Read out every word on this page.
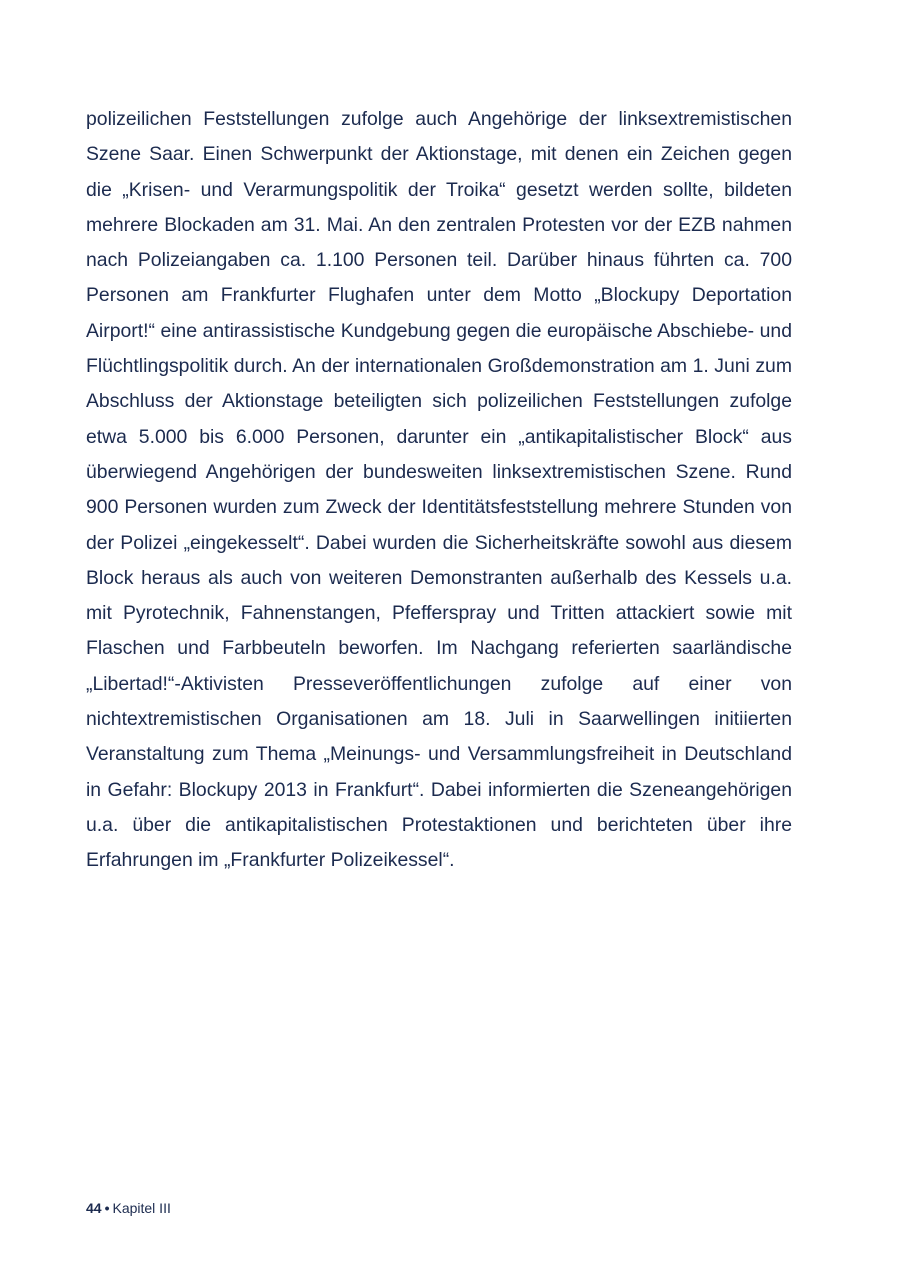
polizeilichen Feststellungen zufolge auch Angehörige der linksextremistischen Szene Saar. Einen Schwerpunkt der Aktionstage, mit denen ein Zeichen gegen die „Krisen- und Verarmungspolitik der Troika“ gesetzt werden sollte, bildeten mehrere Blockaden am 31. Mai. An den zentralen Protesten vor der EZB nahmen nach Polizeiangaben ca. 1.100 Personen teil. Darüber hinaus führten ca. 700 Personen am Frankfurter Flughafen unter dem Motto „Blockupy Deportation Airport!“ eine antirassistische Kundgebung gegen die europäische Abschiebe- und Flüchtlingspolitik durch. An der internationalen Großdemonstration am 1. Juni zum Abschluss der Aktionstage beteiligten sich polizeilichen Feststellungen zufolge etwa 5.000 bis 6.000 Personen, darunter ein „antikapitalistischer Block“ aus überwiegend Angehörigen der bundesweiten linksextremistischen Szene. Rund 900 Personen wurden zum Zweck der Identitätsfeststellung mehrere Stunden von der Polizei „eingekesselt“. Dabei wurden die Sicherheitskräfte sowohl aus diesem Block heraus als auch von weiteren Demonstranten außerhalb des Kessels u.a. mit Pyrotechnik, Fahnenstangen, Pfefferspray und Tritten attackiert sowie mit Flaschen und Farbbeuteln beworfen. Im Nachgang referierten saarländische „Libertad!“-Aktivisten Presseveröffentlichungen zufolge auf einer von nichtextremistischen Organisationen am 18. Juli in Saarwellingen initiierten Veranstaltung zum Thema „Meinungs- und Versammlungsfreiheit in Deutschland in Gefahr: Blockupy 2013 in Frankfurt“. Dabei informierten die Szeneangehörigen u.a. über die antikapitalistischen Protestaktionen und berichteten über ihre Erfahrungen im „Frankfurter Polizeikessel“.

44 • Kapitel III
